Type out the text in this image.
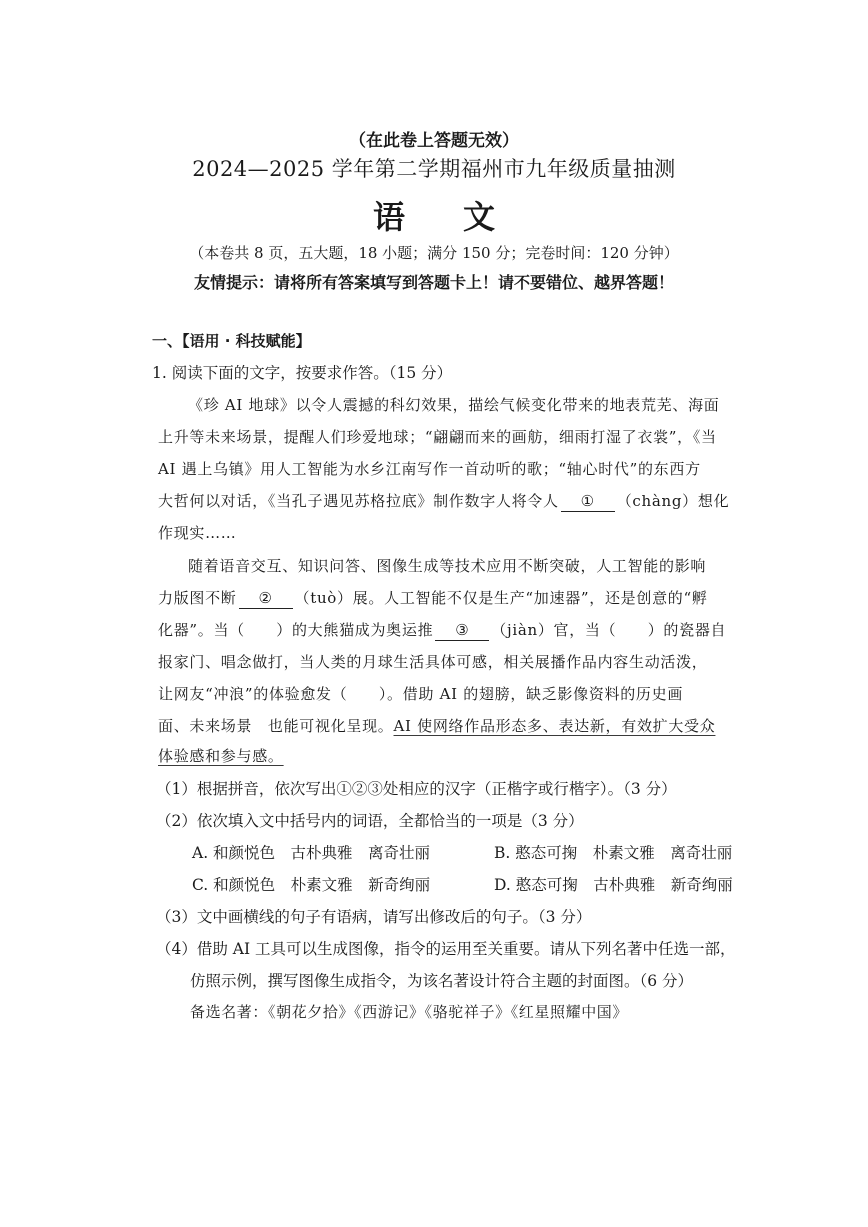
（在此卷上答题无效）
2024—2025 学年第二学期福州市九年级质量抽测
语文
（本卷共 8 页，五大题，18 小题；满分 150 分；完卷时间：120 分钟）
友情提示：请将所有答案填写到答题卡上！请不要错位、越界答题！
一、【语用 · 科技赋能】
1. 阅读下面的文字，按要求作答。（15 分）
《珍 AI 地球》以令人震撼的科幻效果，描绘气候变化带来的地表荒芜、海面
上升等未来场景，提醒人们珍爱地球；“翩翩而来的画舫，细雨打湿了衣裳”，《当
AI 遇上乌镇》用人工智能为水乡江南写作一首动听的歌；“轴心时代”的东西方
大哲何以对话，《当孔子遇见苏格拉底》制作数字人将令人 ① （chàng）想化
作现实……
随着语音交互、知识问答、图像生成等技术应用不断突破，人工智能的影响
力版图不断 ② （tuò）展。人工智能不仅是生产“加速器”，还是创意的“孵
化器”。当（　　）的大熊猫成为奥运推 ③ （jiàn）官，当（　　）的瓷器自
报家门、唱念做打，当人类的月球生活具体可感，相关展播作品内容生动活泼，
让网友“冲浪”的体验愈发（　　）。借助 AI 的翅膀，缺乏影像资料的历史画
面、未来场景　也能可视化呈现。AI 使网络作品形态多、表达新，有效扩大受众
体验感和参与感。
（1）根据拼音，依次写出①②③处相应的汉字（正楷字或行楷字）。（3 分）
（2）依次填入文中括号内的词语，全都恰当的一项是（3 分）
A. 和颜悦色　古朴典雅　离奇壮丽	B. 憨态可掬　朴素文雅　离奇壮丽
C. 和颜悦色　朴素文雅　新奇绚丽	D. 憨态可掬　古朴典雅　新奇绚丽
（3）文中画横线的句子有语病，请写出修改后的句子。（3 分）
（4）借助 AI 工具可以生成图像，指令的运用至关重要。请从下列名著中任选一部，
仿照示例，撰写图像生成指令，为该名著设计符合主题的封面图。（6 分）
备选名著：《朝花夕拾》《西游记》《骆驼祥子》《红星照耀中国》
